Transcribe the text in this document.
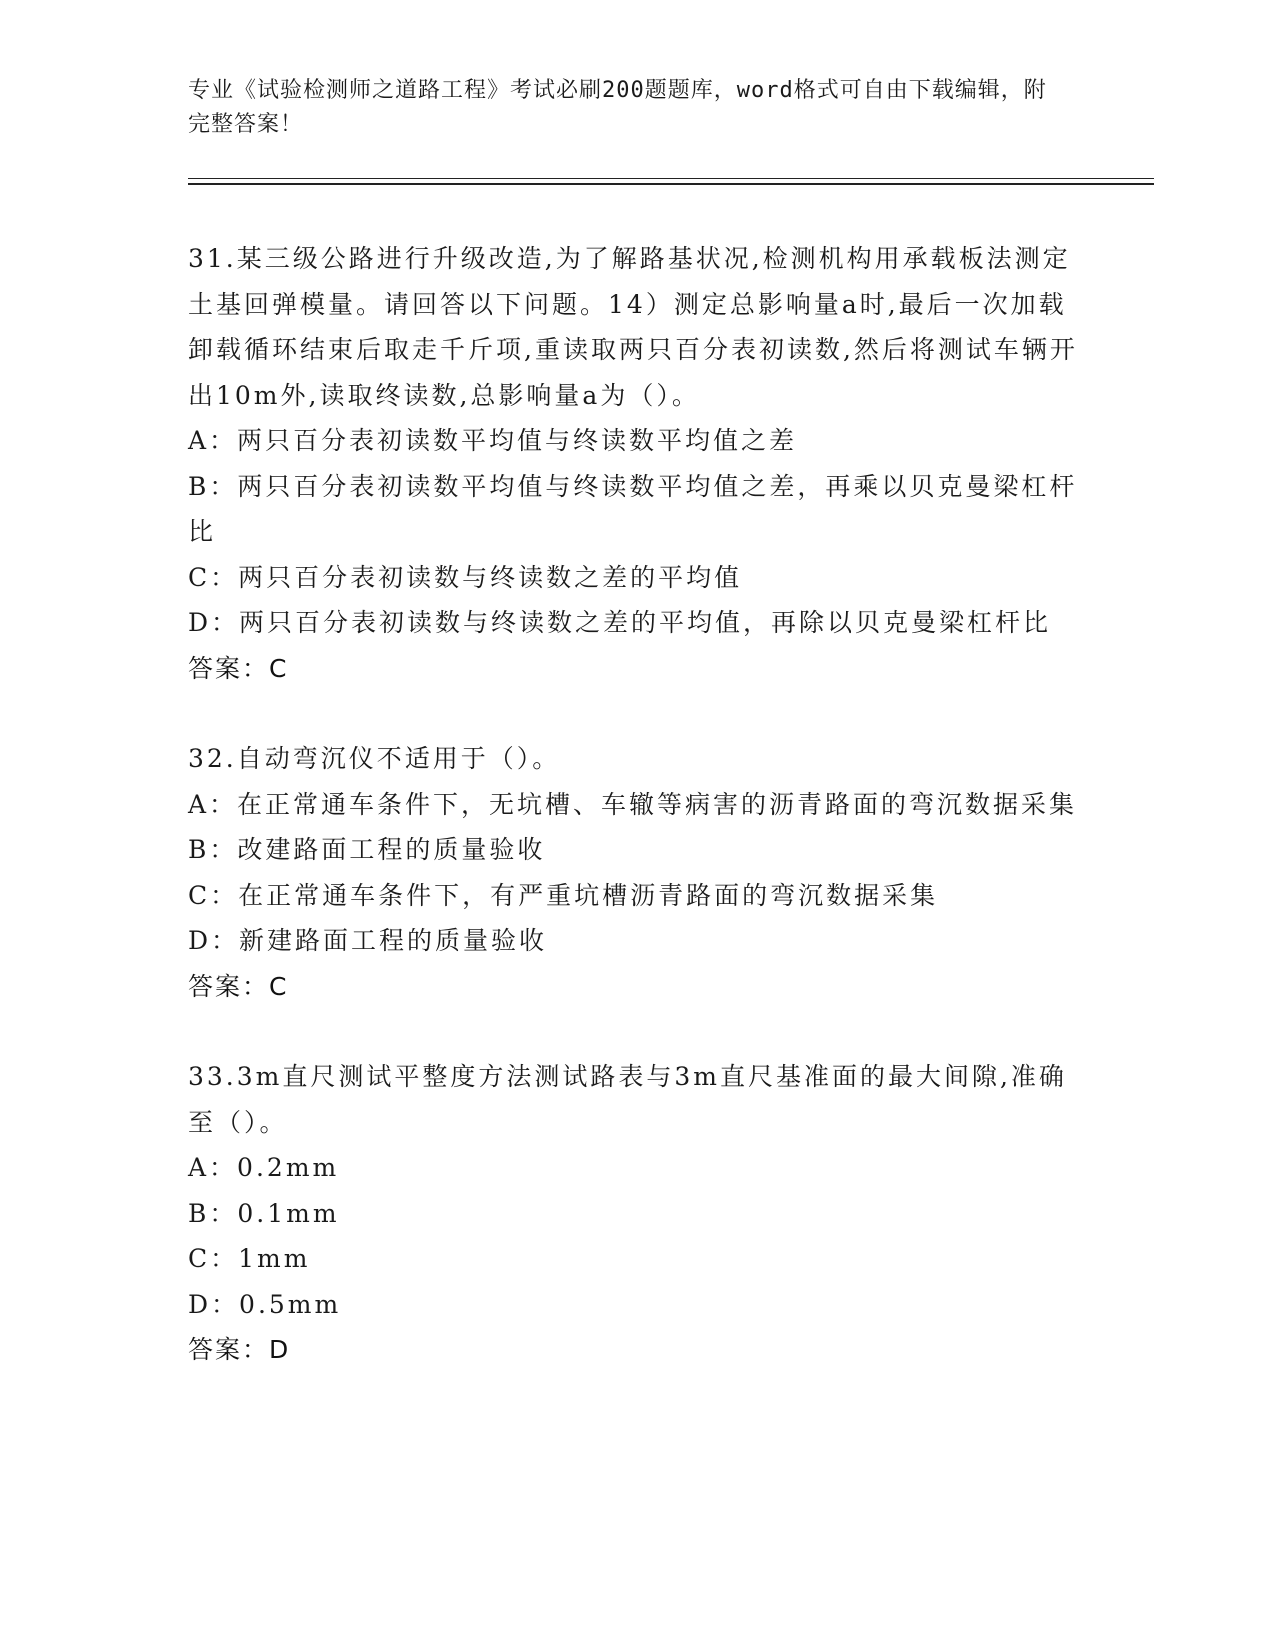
专业《试验检测师之道路工程》考试必刷200题题库，word格式可自由下载编辑，附完整答案！

31.某三级公路进行升级改造,为了解路基状况,检测机构用承载板法测定土基回弹模量。请回答以下问题。14）测定总影响量a时,最后一次加载卸载循环结束后取走千斤项,重读取两只百分表初读数,然后将测试车辆开出10m外,读取终读数,总影响量a为（）。

A：两只百分表初读数平均值与终读数平均值之差

B：两只百分表初读数平均值与终读数平均值之差，再乘以贝克曼梁杠杆比

C：两只百分表初读数与终读数之差的平均值

D：两只百分表初读数与终读数之差的平均值，再除以贝克曼梁杠杆比

答案：C

32.自动弯沉仪不适用于（）。

A：在正常通车条件下，无坑槽、车辙等病害的沥青路面的弯沉数据采集

B：改建路面工程的质量验收

C：在正常通车条件下，有严重坑槽沥青路面的弯沉数据采集

D：新建路面工程的质量验收

答案：C

33.3m直尺测试平整度方法测试路表与3m直尺基准面的最大间隙,准确至（）。

A：0.2mm

B：0.1mm

C：1mm

D：0.5mm

答案：D
